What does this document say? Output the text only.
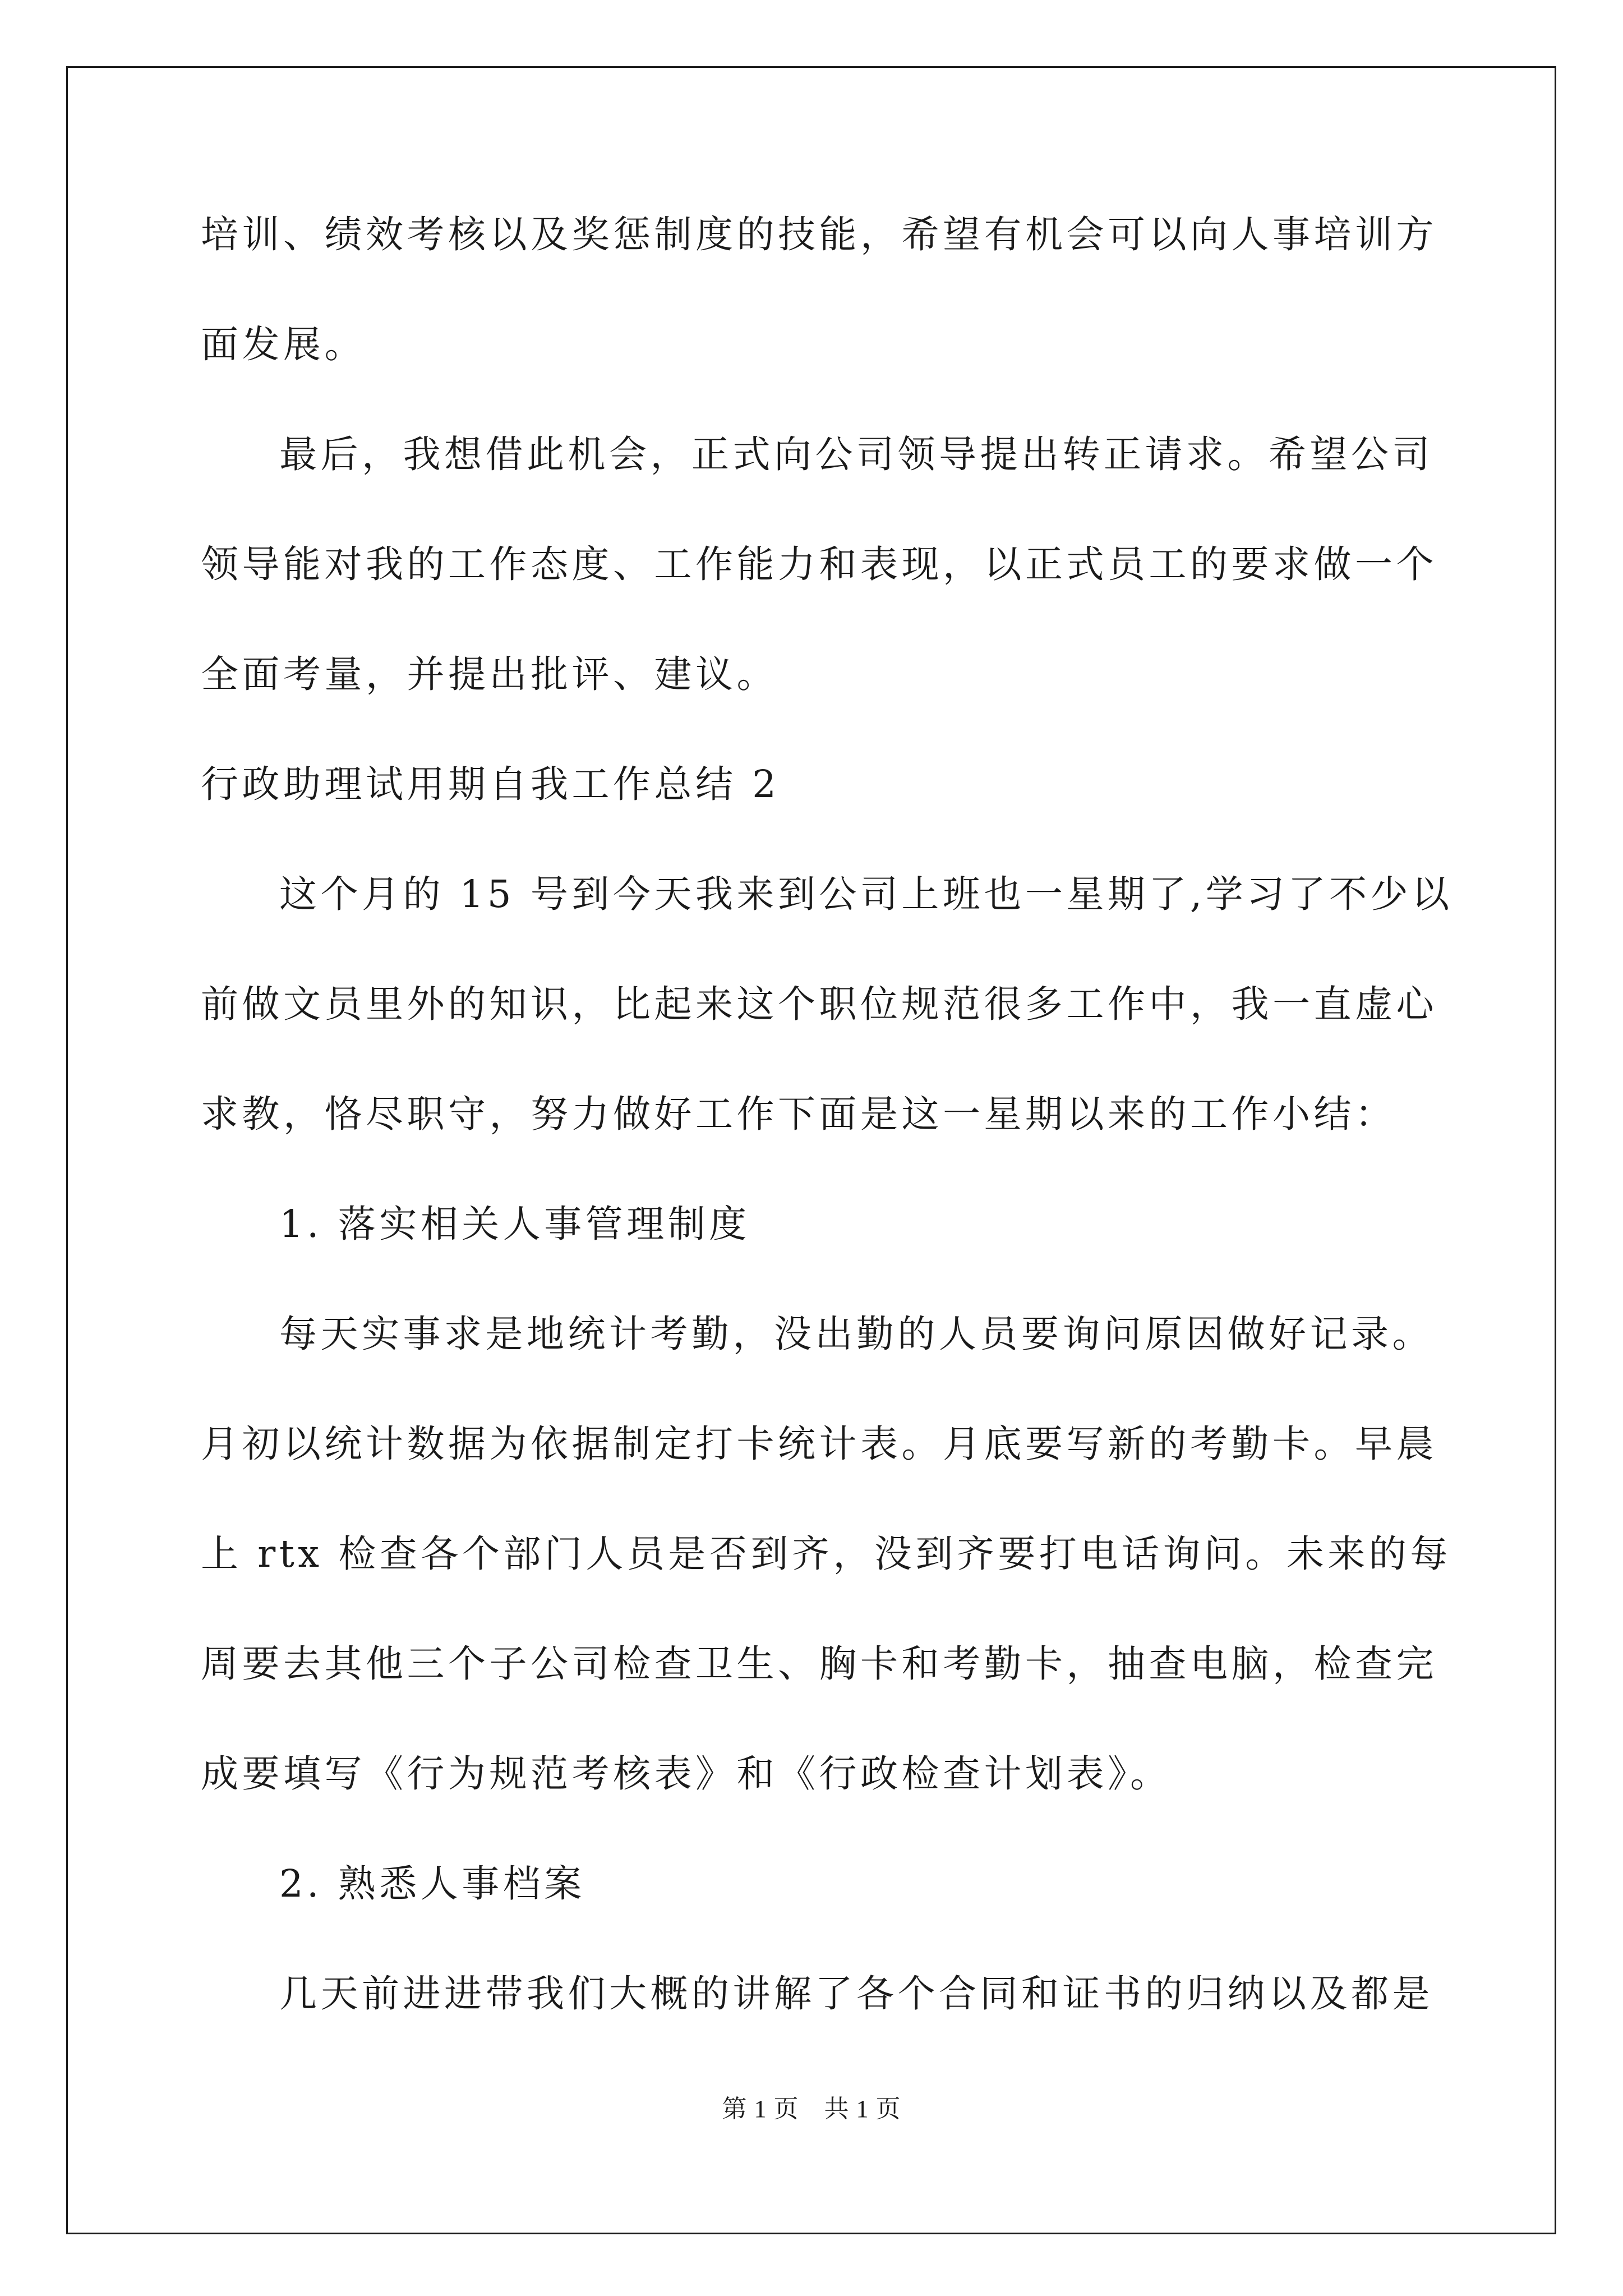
培训、绩效考核以及奖惩制度的技能，希望有机会可以向人事培训方
面发展。
最后，我想借此机会，正式向公司领导提出转正请求。希望公司
领导能对我的工作态度、工作能力和表现，以正式员工的要求做一个
全面考量，并提出批评、建议。
行政助理试用期自我工作总结 2
这个月的 15 号到今天我来到公司上班也一星期了,学习了不少以
前做文员里外的知识，比起来这个职位规范很多工作中，我一直虚心
求教，恪尽职守，努力做好工作下面是这一星期以来的工作小结：
1. 落实相关人事管理制度
每天实事求是地统计考勤，没出勤的人员要询问原因做好记录。
月初以统计数据为依据制定打卡统计表。月底要写新的考勤卡。早晨
上 rtx 检查各个部门人员是否到齐，没到齐要打电话询问。未来的每
周要去其他三个子公司检查卫生、胸卡和考勤卡，抽查电脑，检查完
成要填写《行为规范考核表》和《行政检查计划表》。
2. 熟悉人事档案
几天前进进带我们大概的讲解了各个合同和证书的归纳以及都是
第 1 页　共 1 页
